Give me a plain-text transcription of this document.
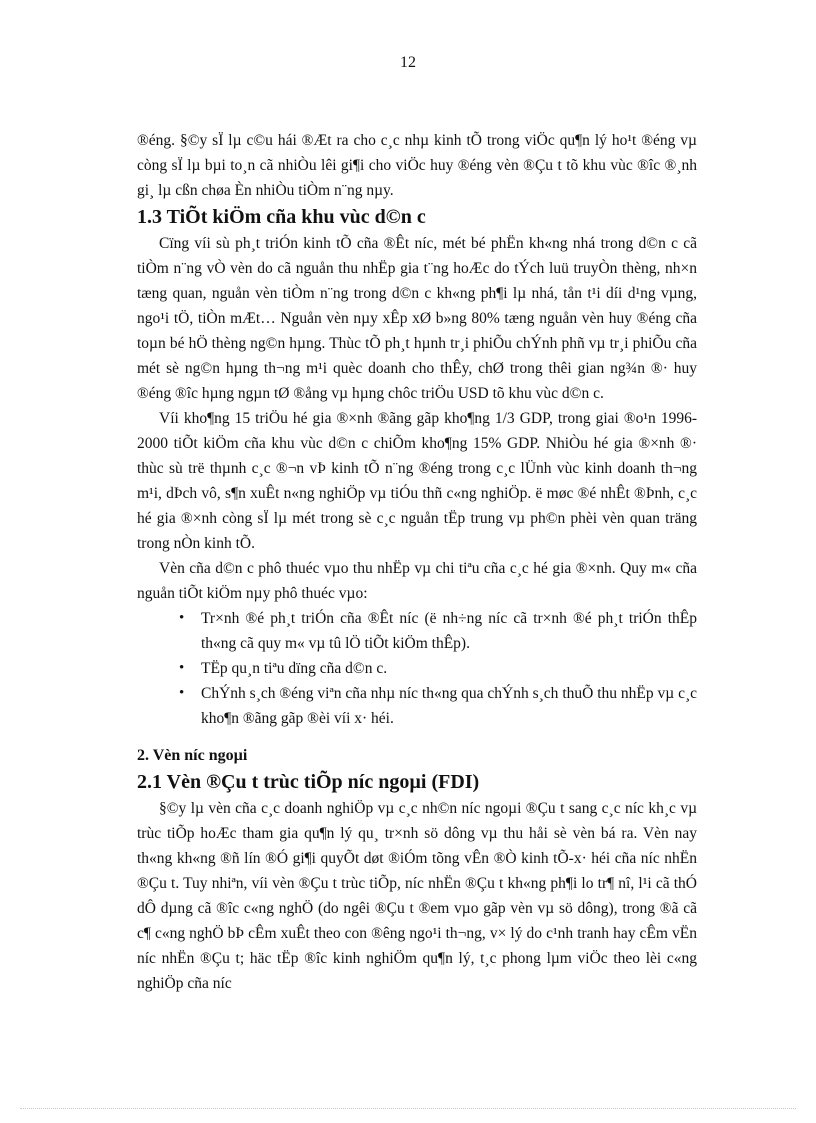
12

®éng. §©y sÏ lµ c©u hái ®Æt ra cho c¸c nhµ kinh tÕ trong viÖc qu¶n lý ho¹t ®éng vµ còng sÏ lµ bµi to¸n cã nhiÒu lêi gi¶i cho viÖc huy ®éng vèn ®Çu t tõ khu vùc ®îc ®¸nh gi¸ lµ cßn chøa Èn nhiÒu tiÒm n¨ng nµy.

1.3 TiÕt kiÖm cña khu vùc d©n c

Cïng víi sù ph¸t triÓn kinh tÕ cña ®Êt níc, mét bé phËn kh«ng nhá trong d©n c cã tiÒm n¨ng vÒ vèn do cã nguån thu nhËp gia t¨ng hoÆc do tÝch luü truyÒn thèng, nh×n tæng quan, nguån vèn tiÒm n¨ng trong d©n c kh«ng ph¶i lµ nhá, tån t¹i díi d¹ng vµng, ngo¹i tÖ, tiÒn mÆt… Nguån vèn nµy xÊp xØ b»ng 80% tæng nguån vèn huy ®éng cña toµn bé hÖ thèng ng©n hµng. Thùc tÕ ph¸t hµnh tr¸i phiÕu chÝnh phñ vµ tr¸i phiÕu cña mét sè ng©n hµng th¬ng m¹i quèc doanh cho thÊy, chØ trong thêi gian ng¾n ®· huy ®éng ®îc hµng ngµn tØ ®ång vµ hµng chôc triÖu USD tõ khu vùc d©n c.

Víi kho¶ng 15 triÖu hé gia ®×nh ®ãng gãp kho¶ng 1/3 GDP, trong giai ®o¹n 1996-2000 tiÕt kiÖm cña khu vùc d©n c chiÕm kho¶ng 15% GDP. NhiÒu hé gia ®×nh ®· thùc sù trë thµnh c¸c ®¬n vÞ kinh tÕ n¨ng ®éng trong c¸c lÜnh vùc kinh doanh th¬ng m¹i, dÞch vô, s¶n xuÊt n«ng nghiÖp vµ tiÓu thñ c«ng nghiÖp. ë møc ®é nhÊt ®Þnh, c¸c hé gia ®×nh còng sÏ lµ mét trong sè c¸c nguån tËp trung vµ ph©n phèi vèn quan träng trong nÒn kinh tÕ.

Vèn cña d©n c phô thuéc vµo thu nhËp vµ chi tiªu cña c¸c hé gia ®×nh. Quy m« cña nguån tiÕt kiÖm nµy phô thuéc vµo:

• Tr×nh ®é ph¸t triÓn cña ®Êt níc (ë nh÷ng níc cã tr×nh ®é ph¸t triÓn thÊp th«ng cã quy m« vµ tû lÖ tiÕt kiÖm thÊp).
• TËp qu¸n tiªu dïng cña d©n c.
• ChÝnh s¸ch ®éng viªn cña nhµ níc th«ng qua chÝnh s¸ch thuÕ thu nhËp vµ c¸c kho¶n ®ãng gãp ®èi víi x· héi.
2. Vèn níc ngoµi
2.1 Vèn ®Çu t trùc tiÕp níc ngoµi (FDI)

§©y lµ vèn cña c¸c doanh nghiÖp vµ c¸c nh©n níc ngoµi ®Çu t sang c¸c níc kh¸c vµ trùc tiÕp hoÆc tham gia qu¶n lý qu¸ tr×nh sö dông vµ thu håi sè vèn bá ra. Vèn nay th«ng kh«ng ®ñ lín ®Ó gi¶i quyÕt døt ®iÓm tõng vÊn ®Ò kinh tÕ-x· héi cña níc nhËn ®Çu t. Tuy nhiªn, víi vèn ®Çu t trùc tiÕp, níc nhËn ®Çu t kh«ng ph¶i lo tr¶ nî, l¹i cã thÓ dÔ dµng cã ®îc c«ng nghÖ (do ngêi ®Çu t ®em vµo gãp vèn vµ sö dông), trong ®ã cã c¶ c«ng nghÖ bÞ cÊm xuÊt theo con ®êng ngo¹i th¬ng, v× lý do c¹nh tranh hay cÊm vËn níc nhËn ®Çu t; häc tËp ®îc kinh nghiÖm qu¶n lý, t¸c phong lµm viÖc theo lèi c«ng nghiÖp cña níc
